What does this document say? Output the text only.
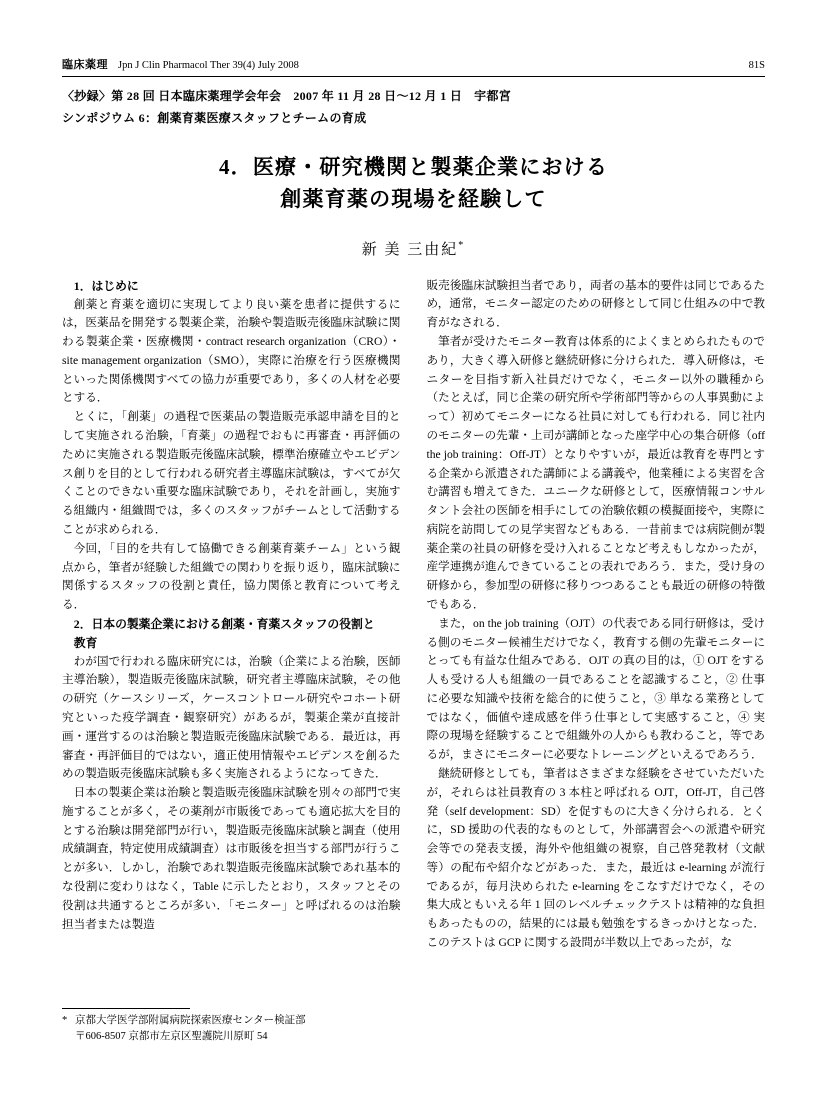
臨床薬理 Jpn J Clin Pharmacol Ther 39(4) July 2008	81S
〈抄録〉第 28 回 日本臨床薬理学会年会 2007 年 11 月 28 日〜12 月 1 日 宇都宮
シンポジウム 6：創薬育薬医療スタッフとチームの育成
4．医療・研究機関と製薬企業における
創薬育薬の現場を経験して
新 美 三由紀*

1．はじめに

創薬と育薬を適切に実現してより良い薬を患者に提供するには，医薬品を開発する製薬企業，治験や製造販売後臨床試験に関わる製薬企業・医療機関・contract research organization（CRO）・site management organization（SMO），実際に治療を行う医療機関といった関係機関すべての協力が重要であり，多くの人材を必要とする．

とくに，「創薬」の過程で医薬品の製造販売承認申請を目的として実施される治験，「育薬」の過程でおもに再審査・再評価のために実施される製造販売後臨床試験，標準治療確立やエビデンス創りを目的として行われる研究者主導臨床試験は，すべてが欠くことのできない重要な臨床試験であり，それを計画し，実施する組織内・組織間では，多くのスタッフがチームとして活動することが求められる．

今回，「目的を共有して協働できる創薬育薬チーム」という観点から，筆者が経験した組織での関わりを振り返り，臨床試験に関係するスタッフの役割と責任，協力関係と教育について考える．

2．日本の製薬企業における創薬・育薬スタッフの役割と

教育

わが国で行われる臨床研究には，治験（企業による治験，医師主導治験），製造販売後臨床試験，研究者主導臨床試験，その他の研究（ケースシリーズ，ケースコントロール研究やコホート研究といった疫学調査・観察研究）があるが，製薬企業が直接計画・運営するのは治験と製造販売後臨床試験である．最近は，再審査・再評価目的ではない，適正使用情報やエビデンスを創るための製造販売後臨床試験も多く実施されるようになってきた．

日本の製薬企業は治験と製造販売後臨床試験を別々の部門で実施することが多く，その薬剤が市販後であっても適応拡大を目的とする治験は開発部門が行い，製造販売後臨床試験と調査（使用成績調査，特定使用成績調査）は市販後を担当する部門が行うことが多い．しかし，治験であれ製造販売後臨床試験であれ基本的な役割に変わりはなく，Table に示したとおり，スタッフとその役割は共通するところが多い．「モニター」と呼ばれるのは治験担当者または製造

販売後臨床試験担当者であり，両者の基本的要件は同じであるため，通常，モニター認定のための研修として同じ仕組みの中で教育がなされる．

筆者が受けたモニター教育は体系的によくまとめられたものであり，大きく導入研修と継続研修に分けられた．導入研修は，モニターを目指す新入社員だけでなく，モニター以外の職種から（たとえば，同じ企業の研究所や学術部門等からの人事異動によって）初めてモニターになる社員に対しても行われる．同じ社内のモニターの先輩・上司が講師となった座学中心の集合研修（off the job training：Off-JT）となりやすいが，最近は教育を専門とする企業から派遣された講師による講義や，他業種による実習を含む講習も増えてきた．ユニークな研修として，医療情報コンサルタント会社の医師を相手にしての治験依頼の模擬面接や，実際に病院を訪問しての見学実習などもある．一昔前までは病院側が製薬企業の社員の研修を受け入れることなど考えもしなかったが，産学連携が進んできていることの表れであろう．また，受け身の研修から，参加型の研修に移りつつあることも最近の研修の特徴でもある．

また，on the job training（OJT）の代表である同行研修は，受ける側のモニター候補生だけでなく，教育する側の先軰モニターにとっても有益な仕組みである．OJT の真の目的は，① OJT をする人も受ける人も組織の一員であることを認識すること，② 仕事に必要な知識や技術を総合的に使うこと，③ 単なる業務としてではなく，価値や達成感を伴う仕事として実感すること，④ 実際の現場を経験することで組織外の人からも教わること，等であるが，まさにモニターに必要なトレーニングといえるであろう．

継続研修としても，筆者はさまざまな経験をさせていただいたが，それらは社員教育の 3 本柱と呼ばれる OJT，Off-JT，自己啓発（self development：SD）を促すものに大きく分けられる．とくに，SD 援助の代表的なものとして，外部講習会への派遣や研究会等での発表支援，海外や他組織の視察，自己啓発教材（文献等）の配布や紹介などがあった．また，最近は e-learning が流行であるが，毎月決められた e-learning をこなすだけでなく，その集大成ともいえる年 1 回のレベルチェックテストは精神的な負担もあったものの，結果的には最も勉強をするきっかけとなった．このテストは GCP に関する設問が半数以上であったが，な

* 京都大学医学部附属病院探索医療センター検証部
〒606-8507 京都市左京区聖護院川原町 54
